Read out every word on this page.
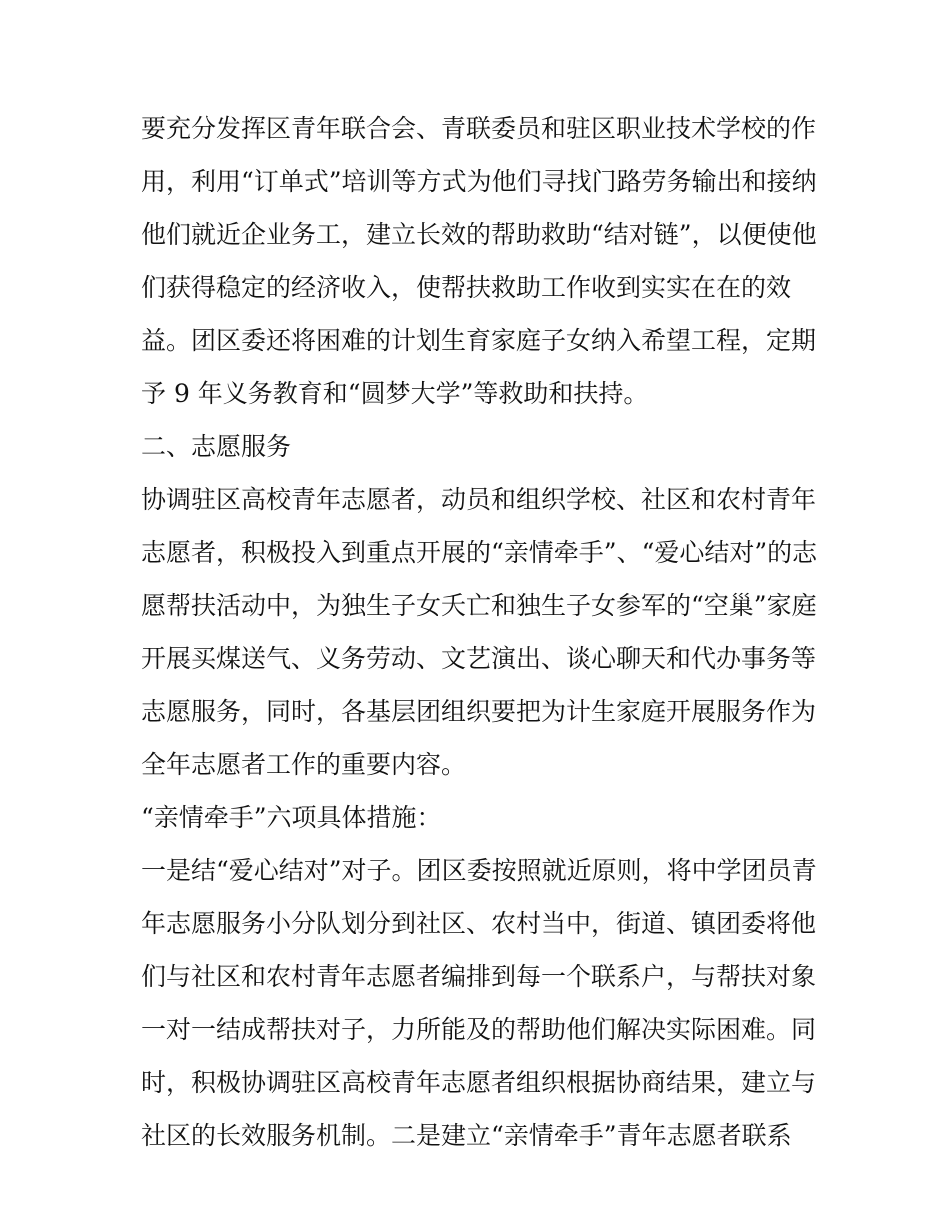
要充分发挥区青年联合会、青联委员和驻区职业技术学校的作
用，利用“订单式”培训等方式为他们寻找门路劳务输出和接纳
他们就近企业务工，建立长效的帮助救助“结对链”，以便使他
们获得稳定的经济收入，使帮扶救助工作收到实实在在的效
益。团区委还将困难的计划生育家庭子女纳入希望工程，定期
予 9 年义务教育和“圆梦大学”等救助和扶持。
二、志愿服务
协调驻区高校青年志愿者，动员和组织学校、社区和农村青年
志愿者，积极投入到重点开展的“亲情牵手”、“爱心结对”的志
愿帮扶活动中，为独生子女夭亡和独生子女参军的“空巢”家庭
开展买煤送气、义务劳动、文艺演出、谈心聊天和代办事务等
志愿服务，同时，各基层团组织要把为计生家庭开展服务作为
全年志愿者工作的重要内容。
“亲情牵手”六项具体措施：
一是结“爱心结对”对子。团区委按照就近原则，将中学团员青
年志愿服务小分队划分到社区、农村当中，街道、镇团委将他
们与社区和农村青年志愿者编排到每一个联系户，与帮扶对象
一对一结成帮扶对子，力所能及的帮助他们解决实际困难。同
时，积极协调驻区高校青年志愿者组织根据协商结果，建立与
社区的长效服务机制。二是建立“亲情牵手”青年志愿者联系
